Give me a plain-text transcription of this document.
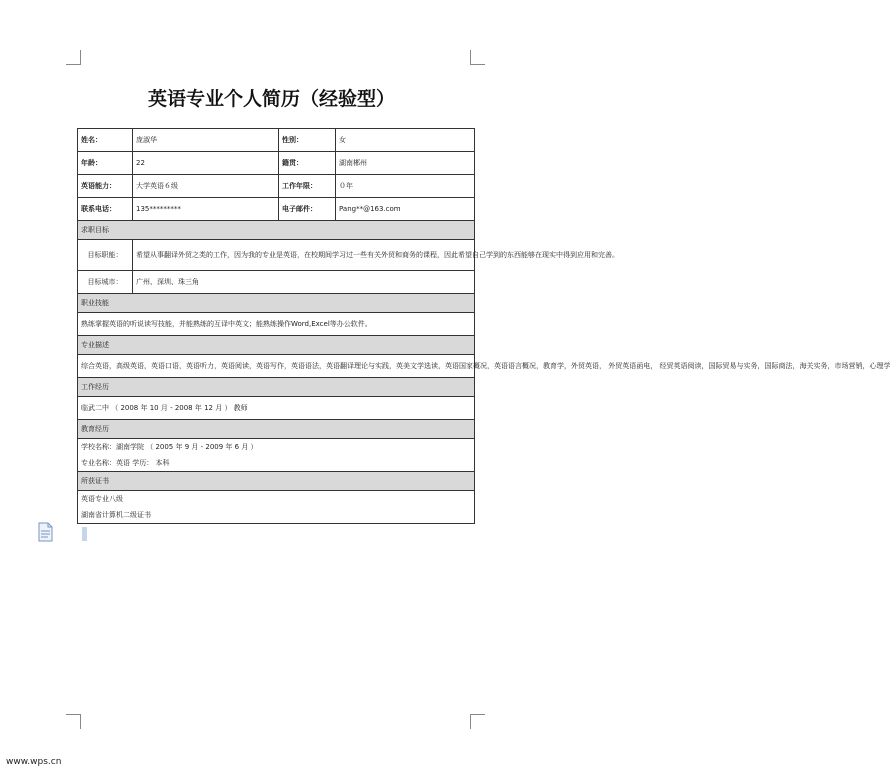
英语专业个人简历（经验型）
姓名：	庞淑华	性别：	女
年龄：	22	籍贯：	湖南郴州
英语能力：	大学英语６级	工作年限：	０年
联系电话：	135*********	电子邮件：	Pang**@163.com
求职目标			
目标职能：	希望从事翻译外贸之类的工作，因为我的专业是英语，在校期间学习过一些有关外贸和商务的课程，因此希望自己学到的东西能够在现实中得到应用和完善。		
目标城市：	广州、深圳、珠三角		
职业技能			
熟练掌握英语的听说读写技能，并能熟练的互译中英文；能熟练操作Word,Excel等办公软件。			
专业描述			
综合英语，高级英语，英语口语，英语听力，英语阅读，英语写作，英语语法，英语翻译理论与实践，英美文学选读，英语国家概况，英语语言概况，教育学，外贸英语， 外贸英语函电， 经贸英语阅读，国际贸易与实务，国际商法，海关实务，市场营销，心理学			
工作经历			
临武二中 （ 2008 年 10 月 - 2008 年 12 月 ） 教师			
教育经历			

学校名称：湖南学院 （ 2005 年 9 月 - 2009 年 6 月 ）
专业名称：英语 学历： 本科			

所获证书			

英语专业八级
湖南省计算机二级证书			
www.wps.cn
